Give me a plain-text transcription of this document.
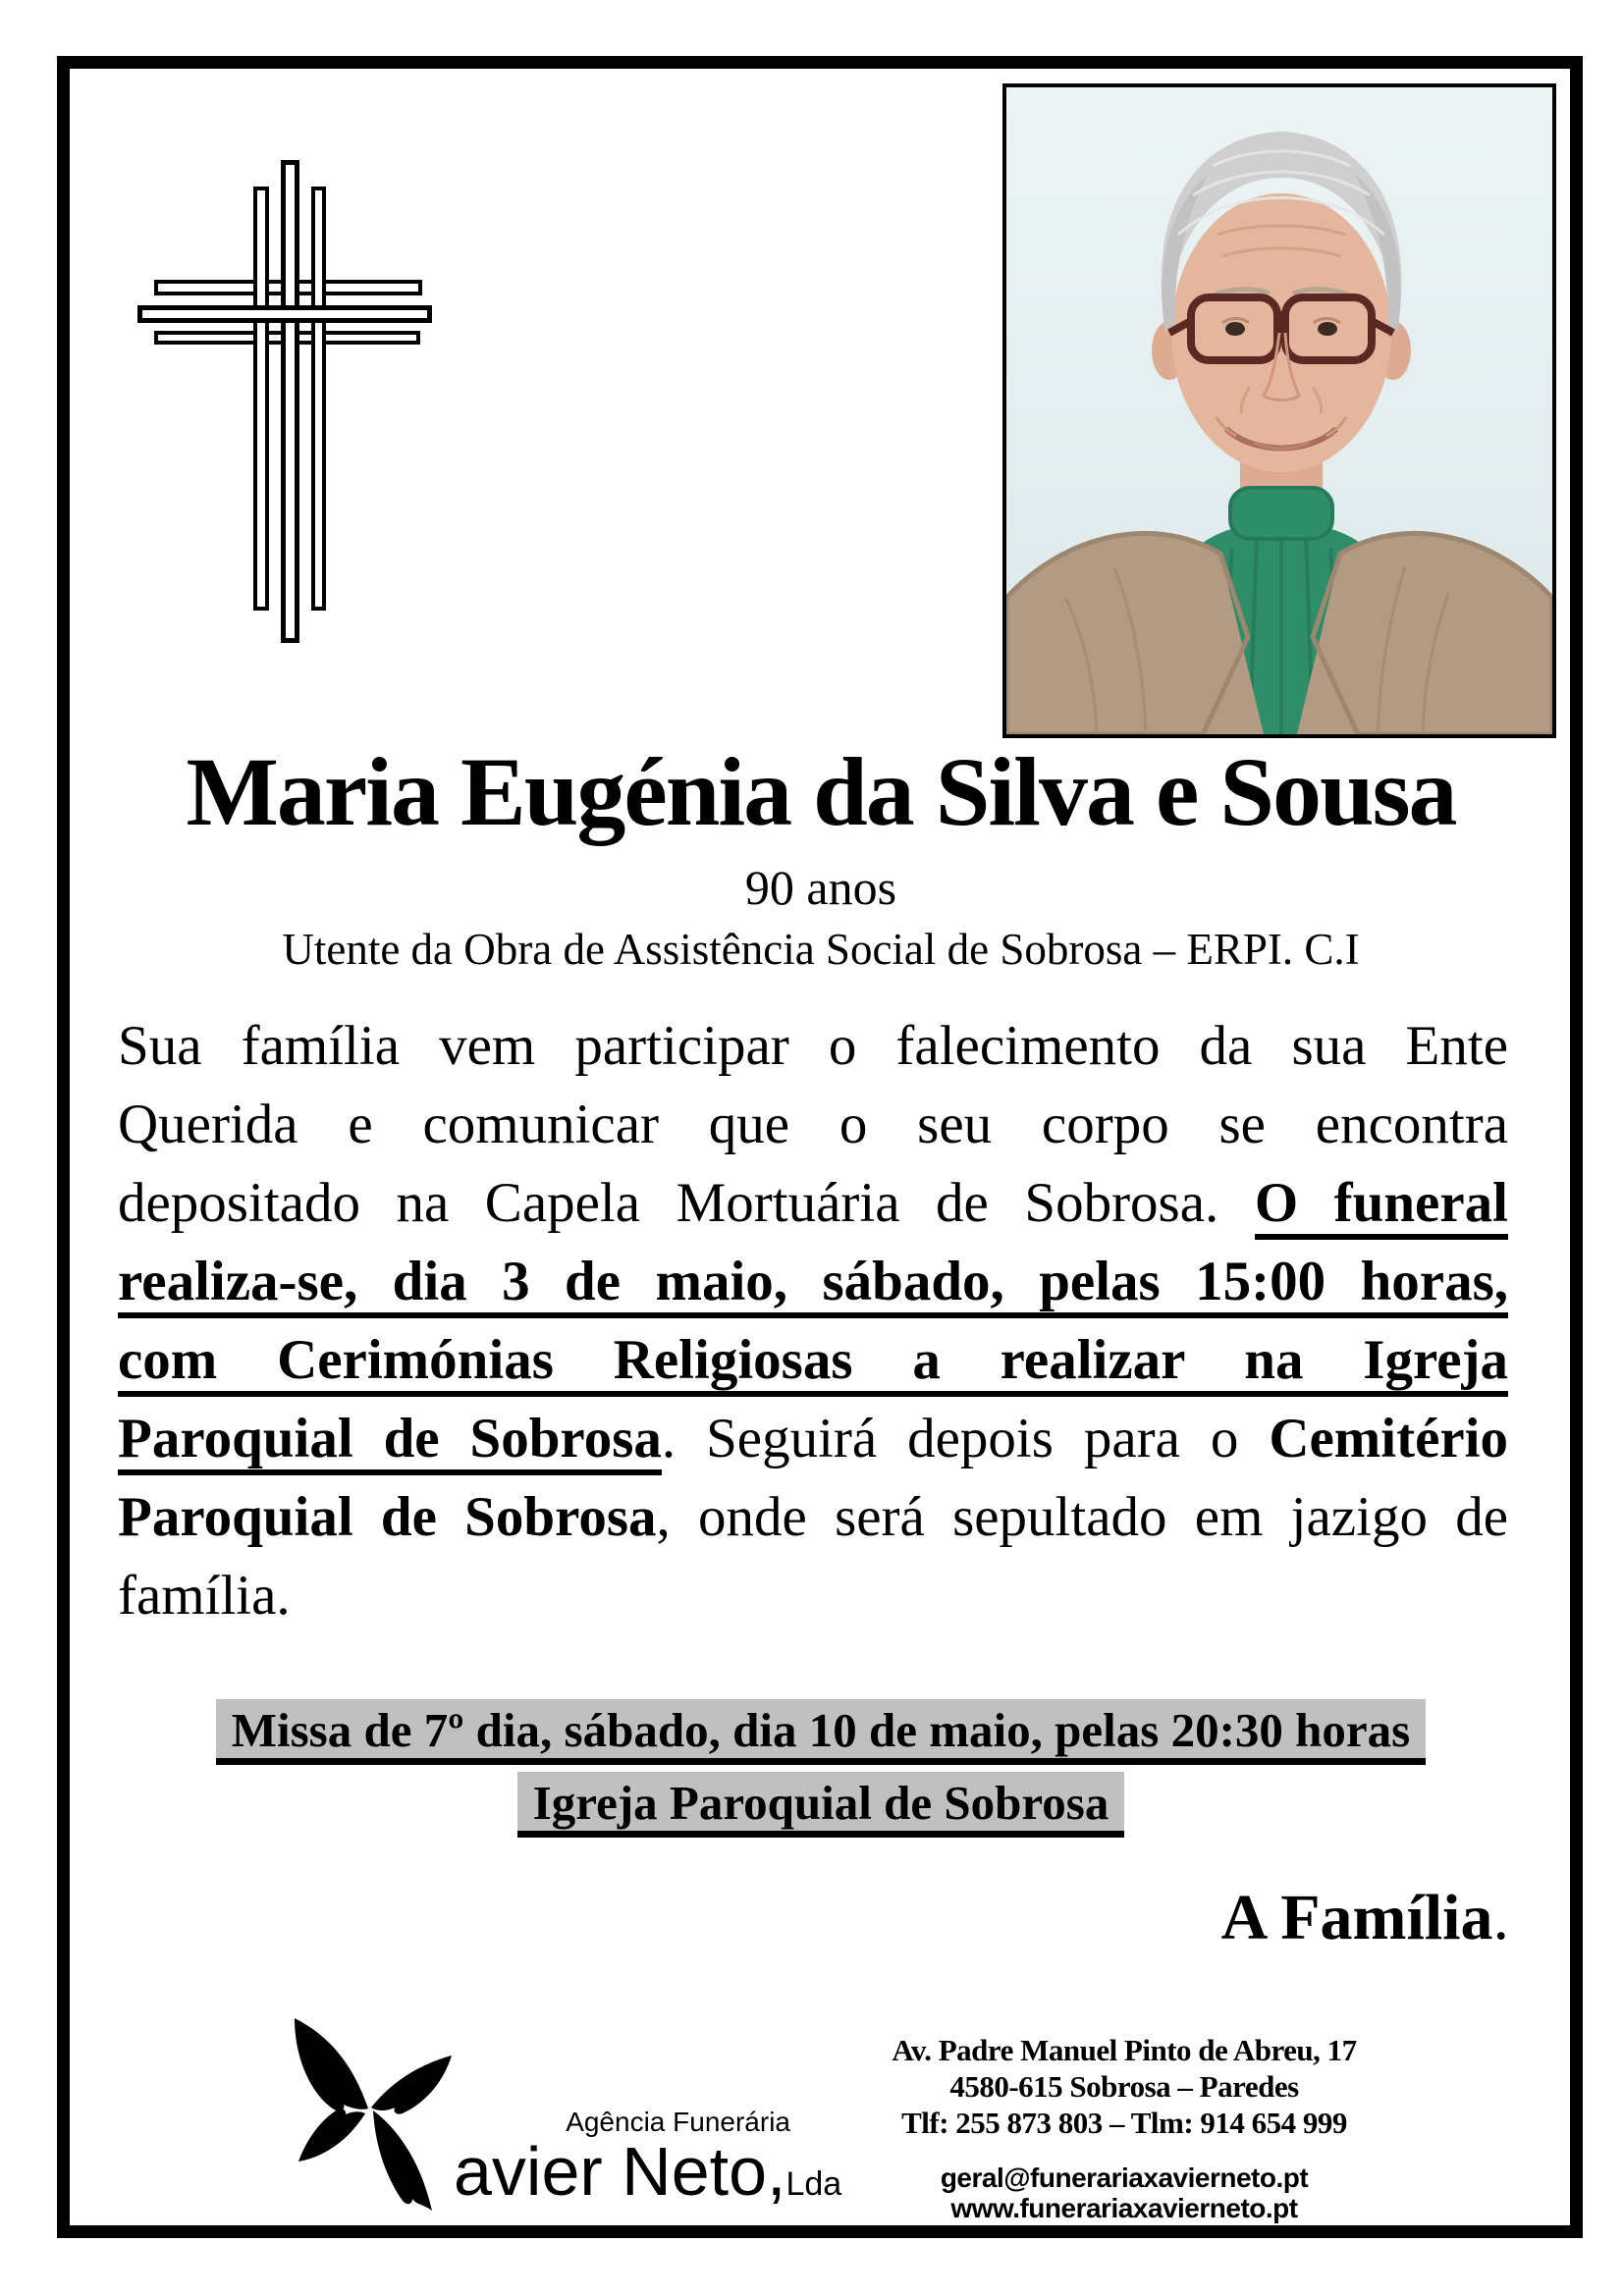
Maria Eugénia da Silva e Sousa
90 anos
Utente da Obra de Assistência Social de Sobrosa – ERPI. C.I
Sua família vem participar o falecimento da sua Ente
Querida e comunicar que o seu corpo se encontra
depositado na Capela Mortuária de Sobrosa. O funeral
realiza-se, dia 3 de maio, sábado, pelas 15:00 horas,
com Cerimónias Religiosas a realizar na Igreja
Paroquial de Sobrosa. Seguirá depois para o Cemitério
Paroquial de Sobrosa, onde será sepultado em jazigo de
família.
Missa de 7º dia, sábado, dia 10 de maio, pelas 20:30 horas
Igreja Paroquial de Sobrosa
A Família.
Agência Funerária
avier Neto,Lda
Av. Padre Manuel Pinto de Abreu, 17
4580-615 Sobrosa – Paredes
Tlf: 255 873 803 – Tlm: 914 654 999
geral@funerariaxavierneto.pt
www.funerariaxavierneto.pt
